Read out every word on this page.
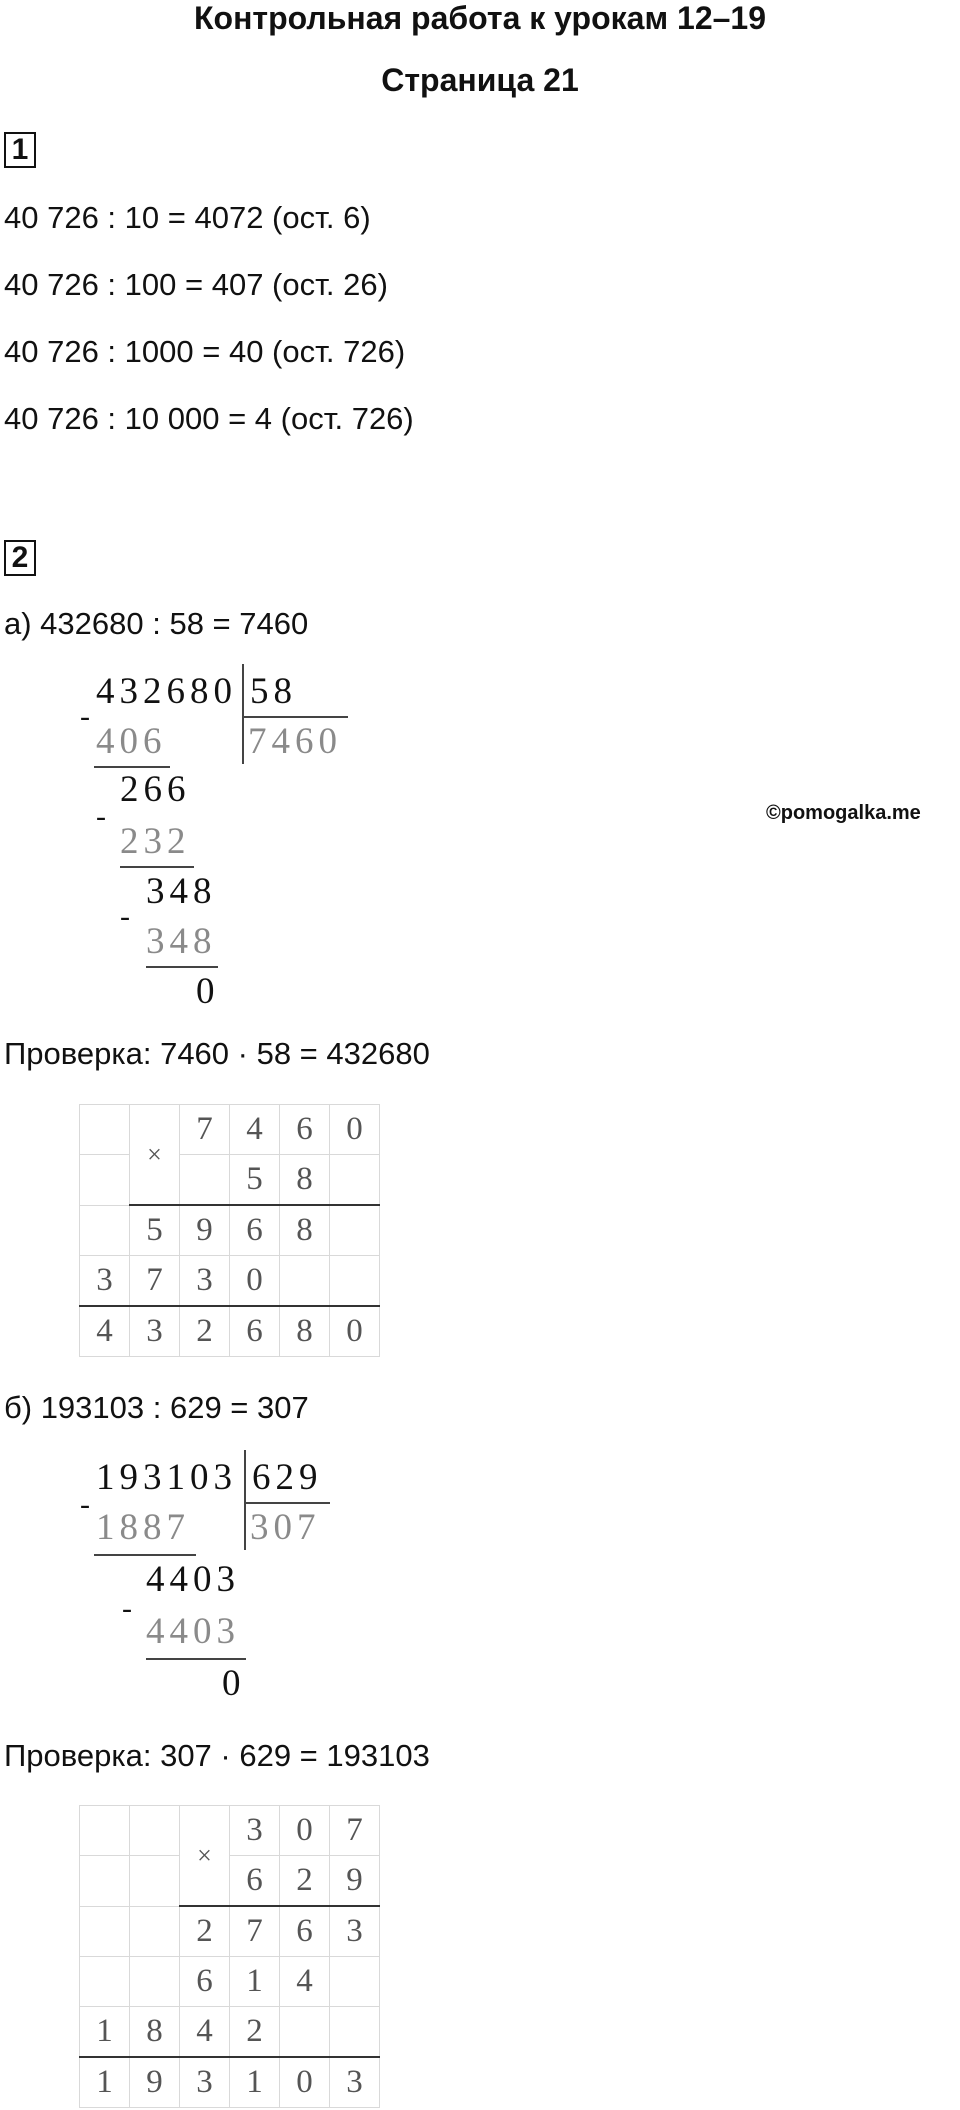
Контрольная работа к урокам 12–19
Страница 21
1
40 726 : 10 = 4072 (ост. 6)
40 726 : 100 = 407 (ост. 26)
40 726 : 1000 = 40 (ост. 726)
40 726 : 10 000 = 4 (ост. 726)
2
а) 432680 : 58 = 7460
-
432680 58
7460
406
266
-
232
348
-
348
0
©pomogalka.me
Проверка: 7460 · 58 = 432680
	×	7	4	6	0
			5	8	
	5	9	6	8	
3	7	3	0		
4	3	2	6	8	0
б) 193103 : 629 = 307
-
193103 629
307
1887
4403
-
4403
0
Проверка: 307 · 629 = 193103
		×	3	0	7
			6	2	9
		2	7	6	3
		6	1	4	
1	8	4	2		
1	9	3	1	0	3
